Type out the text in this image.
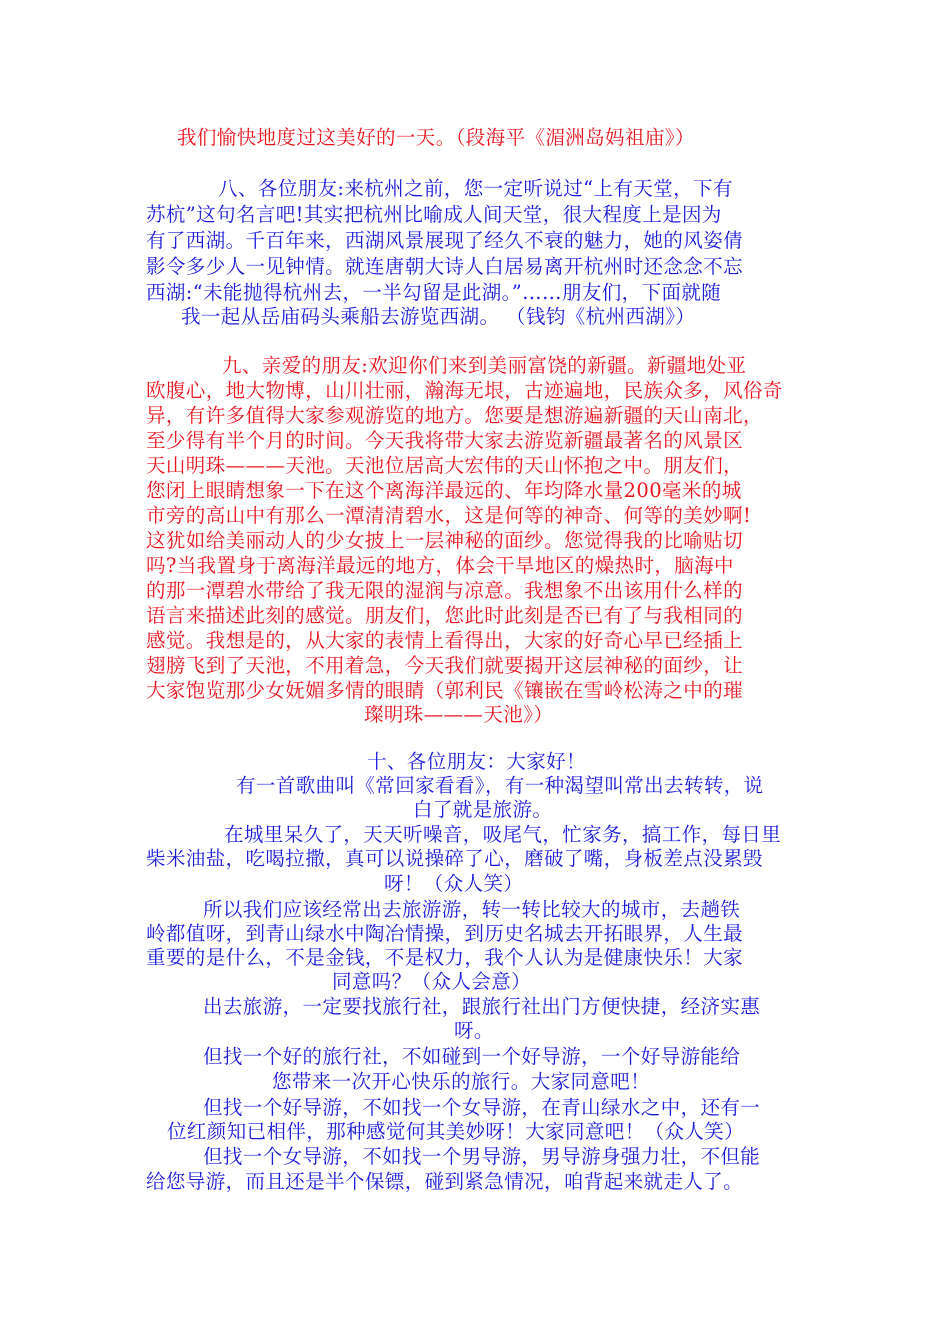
我们愉快地度过这美好的一天。（段海平《湄洲岛妈祖庙》）
八、各位朋友:来杭州之前，您一定听说过“上有天堂，下有
苏杭”这句名言吧!其实把杭州比喻成人间天堂，很大程度上是因为
有了西湖。千百年来，西湖风景展现了经久不衰的魅力，她的风姿倩
影令多少人一见钟情。就连唐朝大诗人白居易离开杭州时还念念不忘
西湖:“未能抛得杭州去，一半勾留是此湖。”……朋友们，下面就随
我一起从岳庙码头乘船去游览西湖。 （钱钧《杭州西湖》）
九、亲爱的朋友:欢迎你们来到美丽富饶的新疆。新疆地处亚
欧腹心，地大物博，山川壮丽，瀚海无垠，古迹遍地，民族众多，风俗奇
异，有许多值得大家参观游览的地方。您要是想游遍新疆的天山南北，
至少得有半个月的时间。今天我将带大家去游览新疆最著名的风景区
天山明珠———天池。天池位居高大宏伟的天山怀抱之中。朋友们，
您闭上眼睛想象一下在这个离海洋最远的、年均降水量200毫米的城
市旁的高山中有那么一潭清清碧水，这是何等的神奇、何等的美妙啊!
这犹如给美丽动人的少女披上一层神秘的面纱。您觉得我的比喻贴切
吗?当我置身于离海洋最远的地方，体会干旱地区的燥热时，脑海中
的那一潭碧水带给了我无限的湿润与凉意。我想象不出该用什么样的
语言来描述此刻的感觉。朋友们，您此时此刻是否已有了与我相同的
感觉。我想是的，从大家的表情上看得出，大家的好奇心早已经插上
翅膀飞到了天池，不用着急，今天我们就要揭开这层神秘的面纱，让
大家饱览那少女妩媚多情的眼睛（郭利民《镶嵌在雪岭松涛之中的璀
璨明珠———天池》）
十、各位朋友：大家好！
有一首歌曲叫《常回家看看》，有一种渴望叫常出去转转，说
白了就是旅游。
在城里呆久了，天天听噪音，吸尾气，忙家务，搞工作，每日里
柴米油盐，吃喝拉撒，真可以说操碎了心，磨破了嘴，身板差点没累毁
呀！（众人笑）
所以我们应该经常出去旅游游，转一转比较大的城市，去趟铁
岭都值呀，到青山绿水中陶冶情操，到历史名城去开拓眼界，人生最
重要的是什么，不是金钱，不是权力，我个人认为是健康快乐！大家
同意吗？（众人会意）
出去旅游，一定要找旅行社，跟旅行社出门方便快捷，经济实惠
呀。
但找一个好的旅行社，不如碰到一个好导游，一个好导游能给
您带来一次开心快乐的旅行。大家同意吧！
但找一个好导游，不如找一个女导游，在青山绿水之中，还有一
位红颜知已相伴，那种感觉何其美妙呀！大家同意吧！（众人笑）
但找一个女导游，不如找一个男导游，男导游身强力壮，不但能
给您导游，而且还是半个保镖，碰到紧急情况，咱背起来就走人了。
